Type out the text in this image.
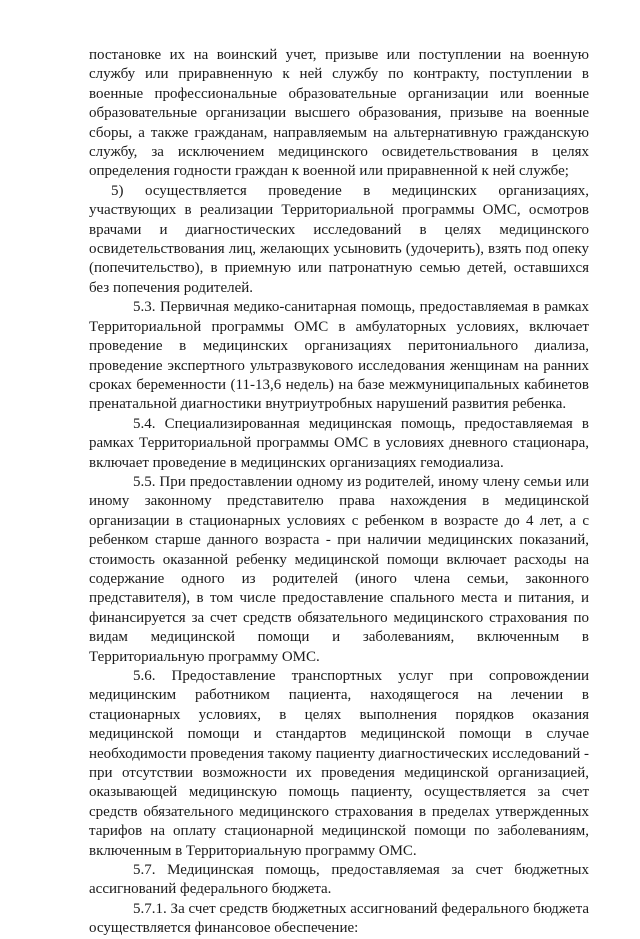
постановке их на воинский учет, призыве или поступлении на военную службу или приравненную к ней службу по контракту, поступлении в военные профессиональные образовательные организации или военные образовательные организации высшего образования, призыве на военные сборы, а также гражданам, направляемым на альтернативную гражданскую службу, за исключением медицинского освидетельствования в целях определения годности граждан к военной или приравненной к ней службе;

5) осуществляется проведение в медицинских организациях, участвующих в реализации Территориальной программы ОМС, осмотров врачами и диагностических исследований в целях медицинского освидетельствования лиц, желающих усыновить (удочерить), взять под опеку (попечительство), в приемную или патронатную семью детей, оставшихся без попечения родителей.

5.3. Первичная медико-санитарная помощь, предоставляемая в рамках Территориальной программы ОМС в амбулаторных условиях, включает проведение в медицинских организациях перитониального диализа, проведение экспертного ультразвукового исследования женщинам на ранних сроках беременности (11-13,6 недель) на базе межмуниципальных кабинетов пренатальной диагностики внутриутробных нарушений развития ребенка.

5.4. Специализированная медицинская помощь, предоставляемая в рамках Территориальной программы ОМС в условиях дневного стационара, включает проведение в медицинских организациях гемодиализа.

5.5. При предоставлении одному из родителей, иному члену семьи или иному законному представителю права нахождения в медицинской организации в стационарных условиях с ребенком в возрасте до 4 лет, а с ребенком старше данного возраста - при наличии медицинских показаний, стоимость оказанной ребенку медицинской помощи включает расходы на содержание одного из родителей (иного члена семьи, законного представителя), в том числе предоставление спального места и питания, и финансируется за счет средств обязательного медицинского страхования по видам медицинской помощи и заболеваниям, включенным в Территориальную программу ОМС.

5.6. Предоставление транспортных услуг при сопровождении медицинским работником пациента, находящегося на лечении в стационарных условиях, в целях выполнения порядков оказания медицинской помощи и стандартов медицинской помощи в случае необходимости проведения такому пациенту диагностических исследований - при отсутствии возможности их проведения медицинской организацией, оказывающей медицинскую помощь пациенту, осуществляется за счет средств обязательного медицинского страхования в пределах утвержденных тарифов на оплату стационарной медицинской помощи по заболеваниям, включенным в Территориальную программу ОМС.

5.7. Медицинская помощь, предоставляемая за счет бюджетных ассигнований федерального бюджета.

5.7.1. За счет средств бюджетных ассигнований федерального бюджета осуществляется финансовое обеспечение:
